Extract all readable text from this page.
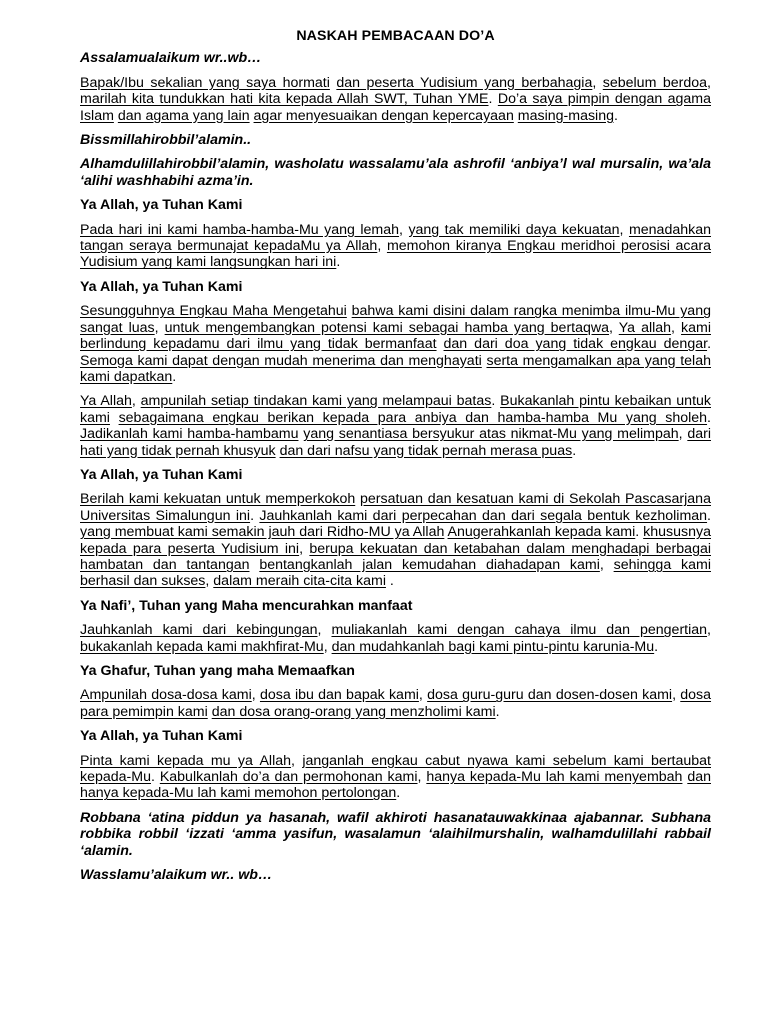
NASKAH PEMBACAAN DO’A

Assalamualaikum wr..wb…

Bapak/Ibu sekalian yang saya hormati dan peserta Yudisium yang berbahagia, sebelum berdoa, marilah kita tundukkan hati kita kepada Allah SWT, Tuhan YME. Do’a saya pimpin dengan agama Islam dan agama yang lain agar menyesuaikan dengan kepercayaan masing-masing.

Bissmillahirobbil’alamin..

Alhamdulillahirobbil’alamin, washolatu wassalamu’ala ashrofil ‘anbiya’l wal mursalin, wa’ala ‘alihi washhabihi azma’in.

Ya Allah, ya Tuhan Kami

Pada hari ini kami hamba-hamba-Mu yang lemah, yang tak memiliki daya kekuatan, menadahkan tangan seraya bermunajat kepadaMu ya Allah, memohon kiranya Engkau meridhoi perosisi acara Yudisium yang kami langsungkan hari ini.

Ya Allah, ya Tuhan Kami

Sesungguhnya Engkau Maha Mengetahui bahwa kami disini dalam rangka menimba ilmu-Mu yang sangat luas, untuk mengembangkan potensi kami sebagai hamba yang bertaqwa, Ya allah, kami berlindung kepadamu dari ilmu yang tidak bermanfaat dan dari doa yang tidak engkau dengar. Semoga kami dapat dengan mudah menerima dan menghayati serta mengamalkan apa yang telah kami dapatkan.

Ya Allah, ampunilah setiap tindakan kami yang melampaui batas. Bukakanlah pintu kebaikan untuk kami sebagaimana engkau berikan kepada para anbiya dan hamba-hamba Mu yang sholeh. Jadikanlah kami hamba-hambamu yang senantiasa bersyukur atas nikmat-Mu yang melimpah, dari hati yang tidak pernah khusyuk dan dari nafsu yang tidak pernah merasa puas.

Ya Allah, ya Tuhan Kami

Berilah kami kekuatan untuk memperkokoh persatuan dan kesatuan kami di Sekolah Pascasarjana Universitas Simalungun ini. Jauhkanlah kami dari perpecahan dan dari segala bentuk kezholiman. yang membuat kami semakin jauh dari Ridho-MU ya Allah Anugerahkanlah kepada kami. khususnya kepada para peserta Yudisium ini, berupa kekuatan dan ketabahan dalam menghadapi berbagai hambatan dan tantangan bentangkanlah jalan kemudahan diahadapan kami, sehingga kami berhasil dan sukses, dalam meraih cita-cita kami .

Ya Nafi’, Tuhan yang Maha mencurahkan manfaat

Jauhkanlah kami dari kebingungan, muliakanlah kami dengan cahaya ilmu dan pengertian, bukakanlah kepada kami makhfirat-Mu, dan mudahkanlah bagi kami pintu-pintu karunia-Mu.

Ya Ghafur, Tuhan yang maha Memaafkan

Ampunilah dosa-dosa kami, dosa ibu dan bapak kami, dosa guru-guru dan dosen-dosen kami, dosa para pemimpin kami dan dosa orang-orang yang menzholimi kami.

Ya Allah, ya Tuhan Kami

Pinta kami kepada mu ya Allah, janganlah engkau cabut nyawa kami sebelum kami bertaubat kepada-Mu. Kabulkanlah do’a dan permohonan kami, hanya kepada-Mu lah kami menyembah dan hanya kepada-Mu lah kami memohon pertolongan.

Robbana ‘atina piddun ya hasanah, wafil akhiroti hasanatauwakkinaa ajabannar. Subhana robbika robbil ‘izzati ‘amma yasifun, wasalamun ‘alaihilmurshalin, walhamdulillahi rabbail ‘alamin.

Wasslamu’alaikum wr.. wb…
